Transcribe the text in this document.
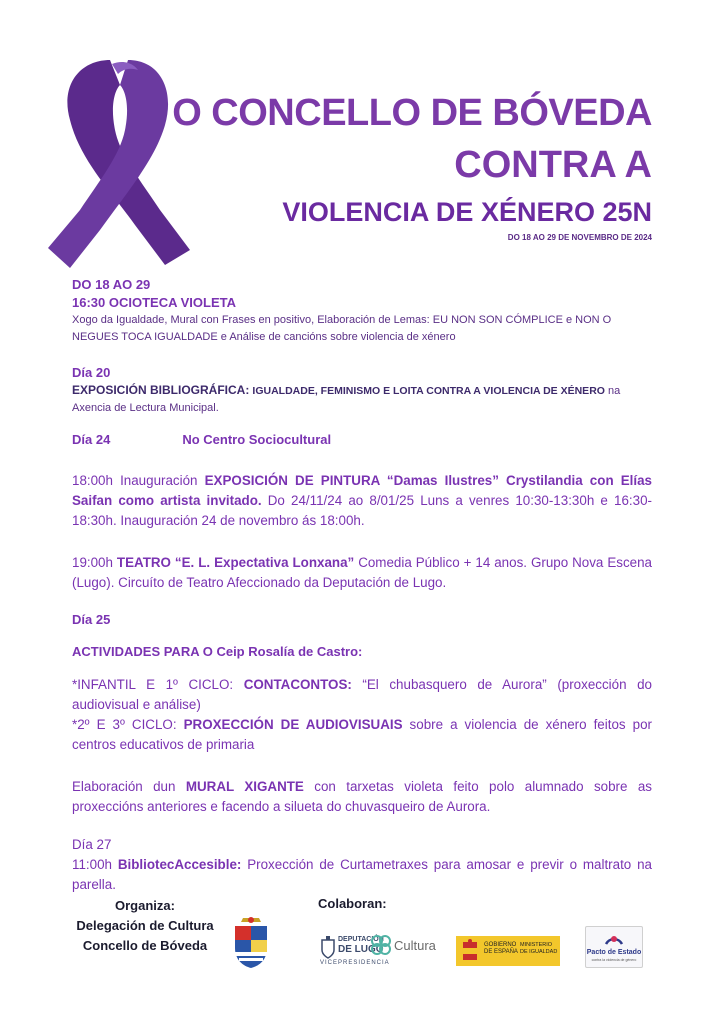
O CONCELLO DE BÓVEDA
CONTRA A
VIOLENCIA DE XÉNERO 25N
DO 18 AO 29 DE NOVEMBRO DE 2024
DO 18 AO 29
16:30 OCIOTECA VIOLETA
Xogo da Igualdade, Mural con Frases en positivo, Elaboración de Lemas: EU NON SON CÓMPLICE e NON O NEGUES TOCA IGUALDADE e Análise de cancións sobre violencia de xénero
Día 20
EXPOSICIÓN BIBLIOGRÁFICA: IGUALDADE, FEMINISMO E LOITA CONTRA A VIOLENCIA DE XÉNERO na
Axencia de Lectura Municipal.
Día 24	No Centro Sociocultural
18:00h Inauguración EXPOSICIÓN DE PINTURA “Damas Ilustres” Crystilandia con Elías Saifan como artista invitado. Do 24/11/24 ao 8/01/25 Luns a venres 10:30-13:30h e 16:30-18:30h. Inauguración 24 de novembro ás 18:00h.
19:00h TEATRO “E. L. Expectativa Lonxana” Comedia Público + 14 anos. Grupo Nova Escena (Lugo). Circuíto de Teatro Afeccionado da Deputación de Lugo.
Día 25
ACTIVIDADES PARA O Ceip Rosalía de Castro:
*INFANTIL E 1º CICLO: CONTACONTOS: “El chubasquero de Aurora” (proxección do audiovisual e análise)
*2º E 3º CICLO: PROXECCIÓN DE AUDIOVISUAIS sobre a violencia de xénero feitos por centros educativos de primaria
Elaboración dun MURAL XIGANTE con tarxetas violeta feito polo alumnado sobre as proxeccións anteriores e facendo a silueta do chuvasqueiro de Aurora.
Día 27
11:00h BibliotecAccesible: Proxección de Curtametraxes para amosar e previr o maltrato na parella.
Organiza:
Delegación de Cultura
Concello de Bóveda
Colaboran:
DEPUTACIÓN
DE LUGO Cultura
VICEPRESIDENCIA
GOBIERNO
DE ESPAÑA
MINISTERIO
DE IGUALDAD	Pacto de Estado
contra la violencia de género
